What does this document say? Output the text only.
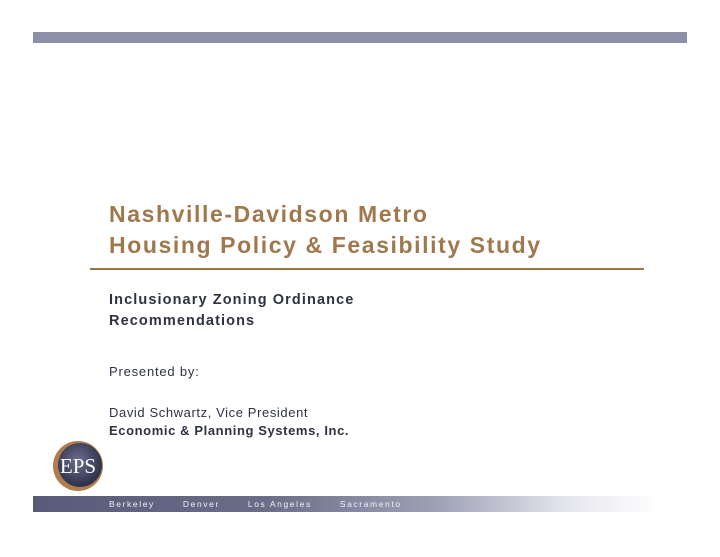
Nashville-Davidson Metro
Housing Policy & Feasibility Study
Inclusionary Zoning Ordinance
Recommendations
Presented by:
David Schwartz, Vice President
Economic & Planning Systems, Inc.
EPS
Berkeley	Denver	Los Angeles	Sacramento
